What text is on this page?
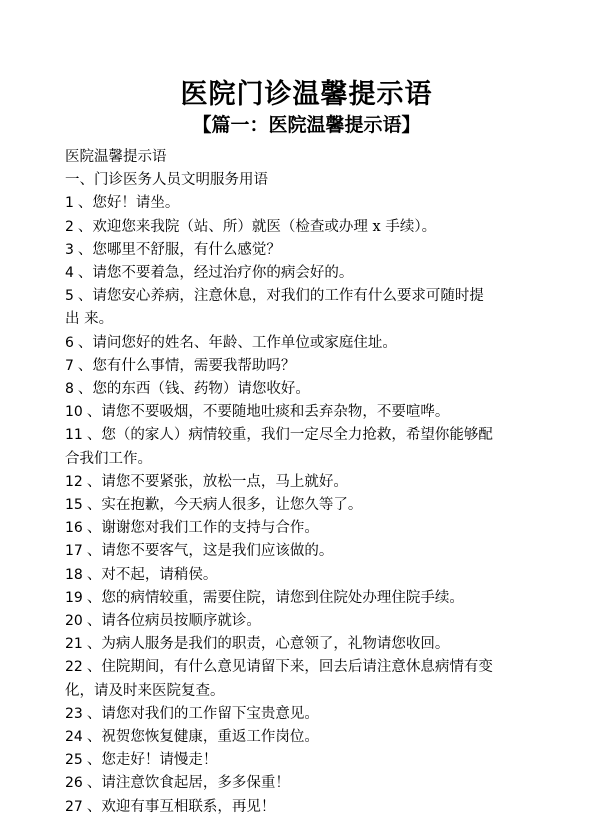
医院门诊温馨提示语
【篇一：医院温馨提示语】
医院温馨提示语
一、门诊医务人员文明服务用语
1 、您好！请坐。
2 、欢迎您来我院（站、所）就医（检查或办理 x 手续）。
3 、您哪里不舒服，有什么感觉？
4 、请您不要着急，经过治疗你的病会好的。
5 、请您安心养病，注意休息，对我们的工作有什么要求可随时提
出 来。
6 、请问您好的姓名、年龄、工作单位或家庭住址。
7 、您有什么事情，需要我帮助吗？
8 、您的东西（钱、药物）请您收好。
10 、请您不要吸烟，不要随地吐痰和丢弃杂物，不要喧哗。
11 、您（的家人）病情较重，我们一定尽全力抢救，希望你能够配
合我们工作。
12 、请您不要紧张，放松一点，马上就好。
15 、实在抱歉，今天病人很多，让您久等了。
16 、谢谢您对我们工作的支持与合作。
17 、请您不要客气，这是我们应该做的。
18 、对不起，请稍侯。
19 、您的病情较重，需要住院，请您到住院处办理住院手续。
20 、请各位病员按顺序就诊。
21 、为病人服务是我们的职责，心意领了，礼物请您收回。
22 、住院期间，有什么意见请留下来，回去后请注意休息病情有变
化，请及时来医院复查。
23 、请您对我们的工作留下宝贵意见。
24 、祝贺您恢复健康，重返工作岗位。
25 、您走好！请慢走！
26 、请注意饮食起居，多多保重！
27 、欢迎有事互相联系，再见！
